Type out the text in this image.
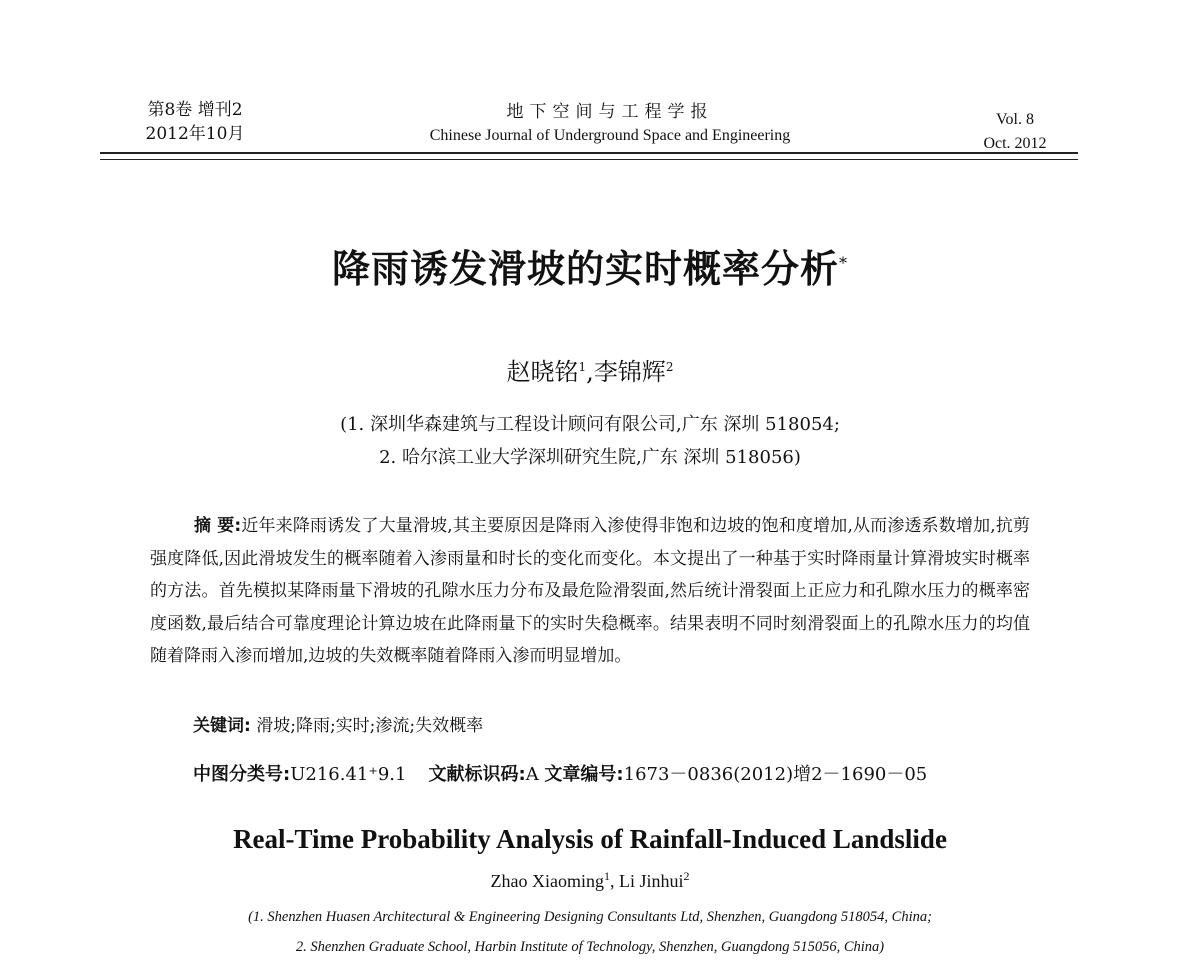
第8卷 增刊2
2012年10月
地下空间与工程学报
Chinese Journal of Underground Space and Engineering
Vol. 8
Oct. 2012
降雨诱发滑坡的实时概率分析*
赵晓铭$^1$,李锦辉$^2$
(1. 深圳华森建筑与工程设计顾问有限公司,广东 深圳 518054;
2. 哈尔滨工业大学深圳研究生院,广东 深圳 518056)
摘 要:近年来降雨诱发了大量滑坡,其主要原因是降雨入渗使得非饱和边坡的饱和度增加,从而渗透系数增加,抗剪强度降低,因此滑坡发生的概率随着入渗雨量和时长的变化而变化。本文提出了一种基于实时降雨量计算滑坡实时概率的方法。首先模拟某降雨量下滑坡的孔隙水压力分布及最危险滑裂面,然后统计滑裂面上正应力和孔隙水压力的概率密度函数,最后结合可靠度理论计算边坡在此降雨量下的实时失稳概率。结果表明不同时刻滑裂面上的孔隙水压力的均值随着降雨入渗而增加,边坡的失效概率随着降雨入渗而明显增加。
关键词: 滑坡;降雨;实时;渗流;失效概率
中图分类号:U216.41⁺9.1 文献标识码:A 文章编号:1673－0836(2012)增2－1690－05
Real-Time Probability Analysis of Rainfall-Induced Landslide
Zhao Xiaoming$^1$, Li Jinhui$^2$
(1. Shenzhen Huasen Architectural & Engineering Designing Consultants Ltd, Shenzhen, Guangdong 518054, China;
2. Shenzhen Graduate School, Harbin Institute of Technology, Shenzhen, Guangdong 515056, China)
